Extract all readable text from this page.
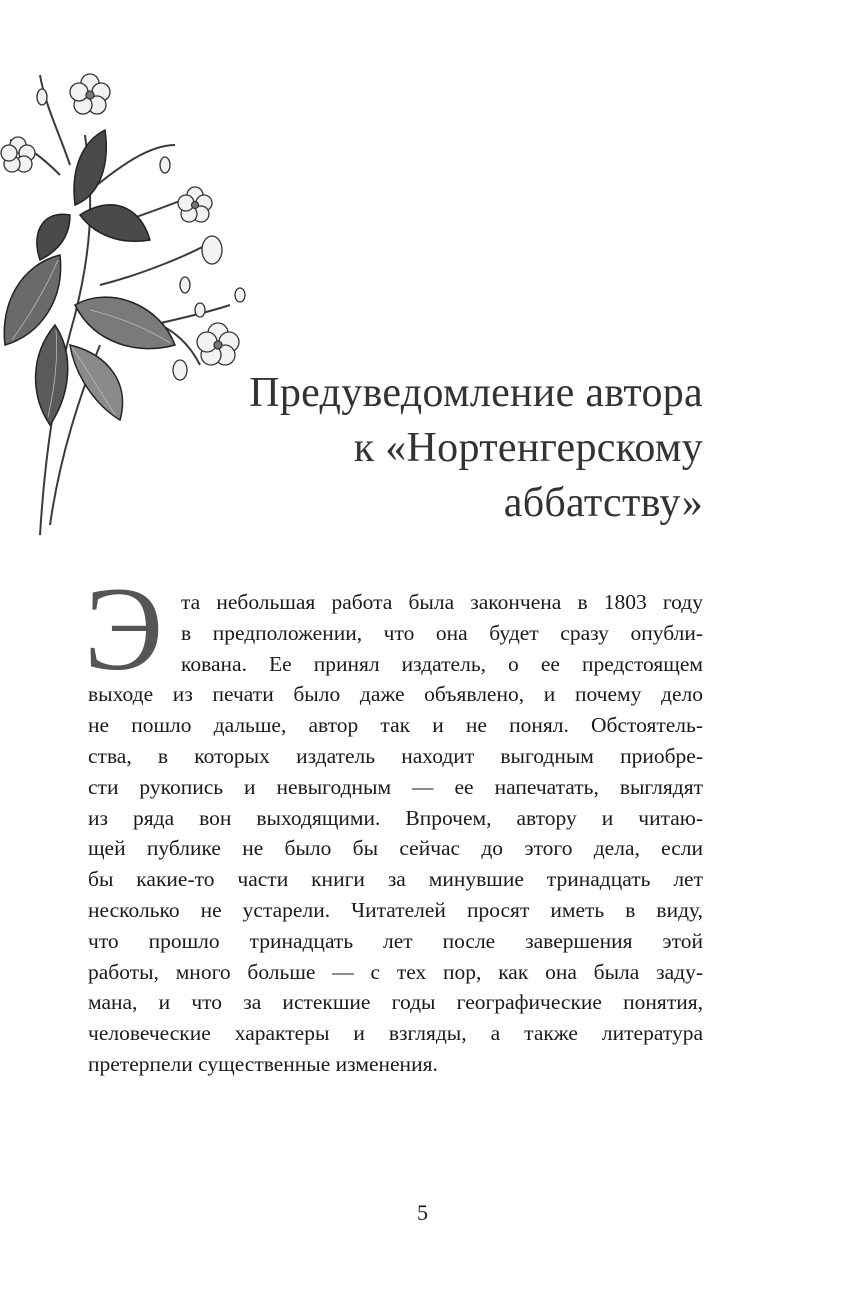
Предуведомление автора
к «Нортенгерскому
аббатству»
Э та небольшая работа была закончена в 1803 году
в предположении, что она будет сразу опубли-
кована. Ее принял издатель, о ее предстоящем
выходе из печати было даже объявлено, и почему дело
не пошло дальше, автор так и не понял. Обстоятель-
ства, в которых издатель находит выгодным приобре-
сти рукопись и невыгодным — ее напечатать, выглядят
из ряда вон выходящими. Впрочем, автору и читаю-
щей публике не было бы сейчас до этого дела, если
бы какие-то части книги за минувшие тринадцать лет
несколько не устарели. Читателей просят иметь в виду,
что прошло тринадцать лет после завершения этой
работы, много больше — с тех пор, как она была заду-
мана, и что за истекшие годы географические понятия,
человеческие характеры и взгляды, а также литература
претерпели существенные изменения.
5
